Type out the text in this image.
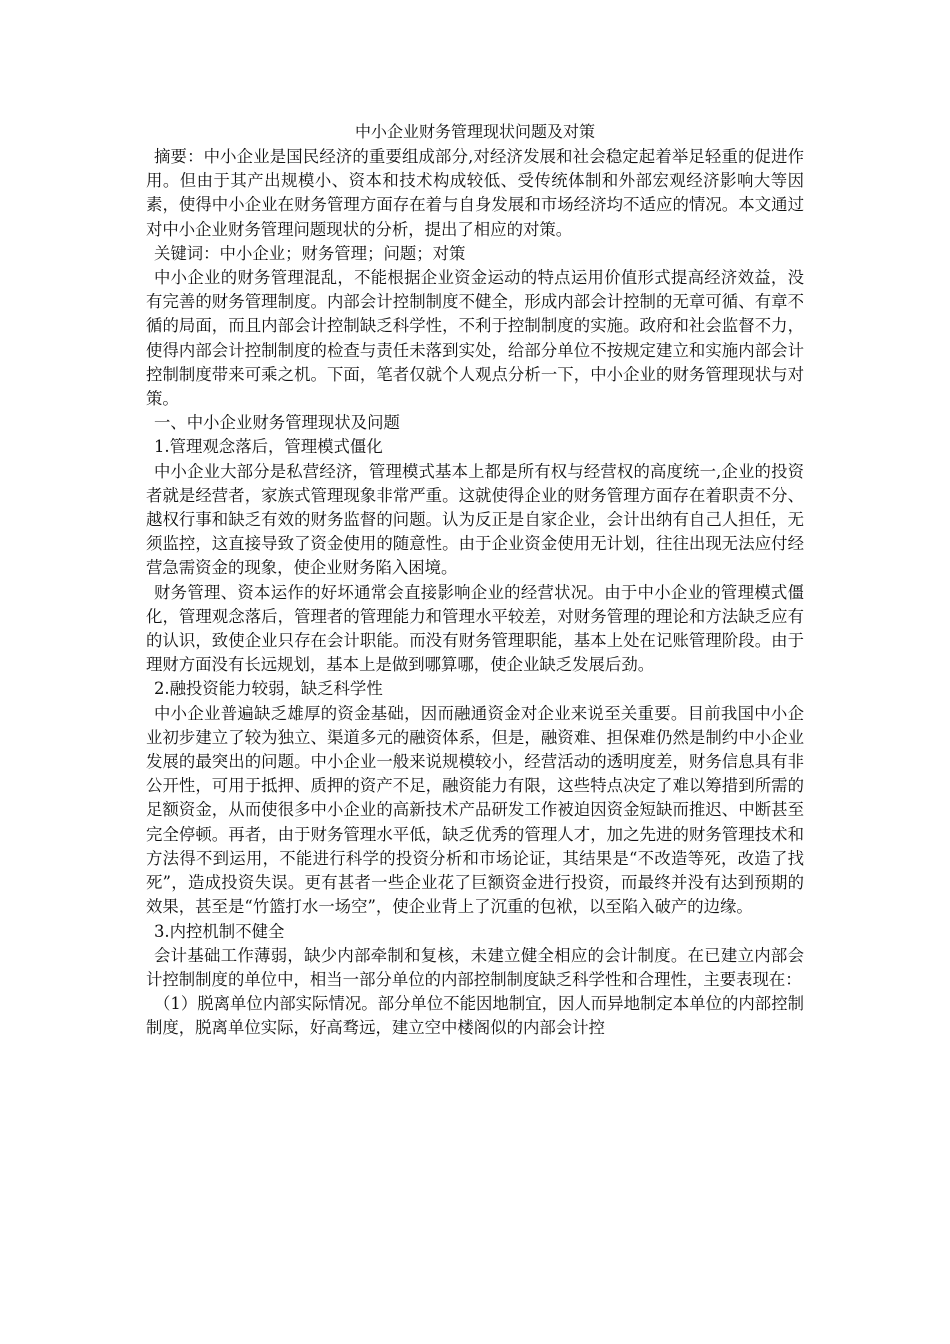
中小企业财务管理现状问题及对策

摘要：中小企业是国民经济的重要组成部分,对经济发展和社会稳定起着举足轻重的促进作用。但由于其产出规模小、资本和技术构成较低、受传统体制和外部宏观经济影响大等因素，使得中小企业在财务管理方面存在着与自身发展和市场经济均不适应的情况。本文通过对中小企业财务管理问题现状的分析，提出了相应的对策。

关键词：中小企业；财务管理；问题；对策

中小企业的财务管理混乱，不能根据企业资金运动的特点运用价值形式提高经济效益，没有完善的财务管理制度。内部会计控制制度不健全，形成内部会计控制的无章可循、有章不循的局面，而且内部会计控制缺乏科学性，不利于控制制度的实施。政府和社会监督不力，使得内部会计控制制度的检查与责任未落到实处，给部分单位不按规定建立和实施内部会计控制制度带来可乘之机。下面，笔者仅就个人观点分析一下，中小企业的财务管理现状与对策。

一、中小企业财务管理现状及问题

1.管理观念落后，管理模式僵化

中小企业大部分是私营经济，管理模式基本上都是所有权与经营权的高度统一,企业的投资者就是经营者，家族式管理现象非常严重。这就使得企业的财务管理方面存在着职责不分、越权行事和缺乏有效的财务监督的问题。认为反正是自家企业，会计出纳有自己人担任，无须监控，这直接导致了资金使用的随意性。由于企业资金使用无计划，往往出现无法应付经营急需资金的现象，使企业财务陷入困境。

财务管理、资本运作的好坏通常会直接影响企业的经营状况。由于中小企业的管理模式僵化，管理观念落后，管理者的管理能力和管理水平较差，对财务管理的理论和方法缺乏应有的认识，致使企业只存在会计职能。而没有财务管理职能，基本上处在记账管理阶段。由于理财方面没有长远规划，基本上是做到哪算哪，使企业缺乏发展后劲。

2.融投资能力较弱，缺乏科学性

中小企业普遍缺乏雄厚的资金基础，因而融通资金对企业来说至关重要。目前我国中小企业初步建立了较为独立、渠道多元的融资体系，但是，融资难、担保难仍然是制约中小企业发展的最突出的问题。中小企业一般来说规模较小，经营活动的透明度差，财务信息具有非公开性，可用于抵押、质押的资产不足，融资能力有限，这些特点决定了难以筹措到所需的足额资金，从而使很多中小企业的高新技术产品研发工作被迫因资金短缺而推迟、中断甚至完全停顿。再者，由于财务管理水平低，缺乏优秀的管理人才，加之先进的财务管理技术和方法得不到运用，不能进行科学的投资分析和市场论证，其结果是“不改造等死，改造了找死”，造成投资失误。更有甚者一些企业花了巨额资金进行投资，而最终并没有达到预期的效果，甚至是“竹篮打水一场空”，使企业背上了沉重的包袱，以至陷入破产的边缘。

3.内控机制不健全

会计基础工作薄弱，缺少内部牵制和复核，未建立健全相应的会计制度。在已建立内部会计控制制度的单位中，相当一部分单位的内部控制制度缺乏科学性和合理性，主要表现在：

（1）脱离单位内部实际情况。部分单位不能因地制宜，因人而异地制定本单位的内部控制制度，脱离单位实际，好高骛远，建立空中楼阁似的内部会计控
